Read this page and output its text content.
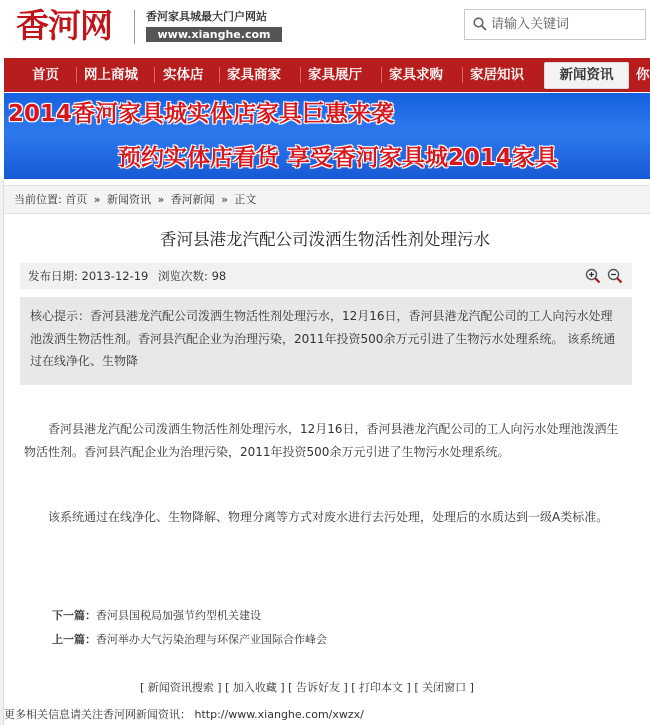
香河网	香河家具城最大门户网站
www.xianghe.com
请输入关键词
首页 网上商城 实体店 家具商家 家具展厅 家具求购 家居知识	新闻资讯	你
2014香河家具城实体店家具巨惠来袭
预约实体店看货 享受香河家具城2014家具
当前位置: 首页 » 新闻资讯 » 香河新闻 » 正文
香河县港龙汽配公司泼洒生物活性剂处理污水
发布日期: 2013-12-19 浏览次数: 98
核心提示：香河县港龙汽配公司泼洒生物活性剂处理污水，12月16日，香河县港龙汽配公司的工人向污水处理池泼洒生物活性剂。香河县汽配企业为治理污染，2011年投资500余万元引进了生物污水处理系统。 该系统通过在线净化、生物降
香河县港龙汽配公司泼洒生物活性剂处理污水，12月16日，香河县港龙汽配公司的工人向污水处理池泼洒生物活性剂。香河县汽配企业为治理污染，2011年投资500余万元引进了生物污水处理系统。
该系统通过在线净化、生物降解、物理分离等方式对废水进行去污处理，处理后的水质达到一级A类标准。
下一篇：香河县国税局加强节约型机关建设
上一篇：香河举办大气污染治理与环保产业国际合作峰会
[ 新闻资讯搜索 ] [ 加入收藏 ] [ 告诉好友 ] [ 打印本文 ] [ 关闭窗口 ]
更多相关信息请关注香河网新闻资讯： http://www.xianghe.com/xwzx/
